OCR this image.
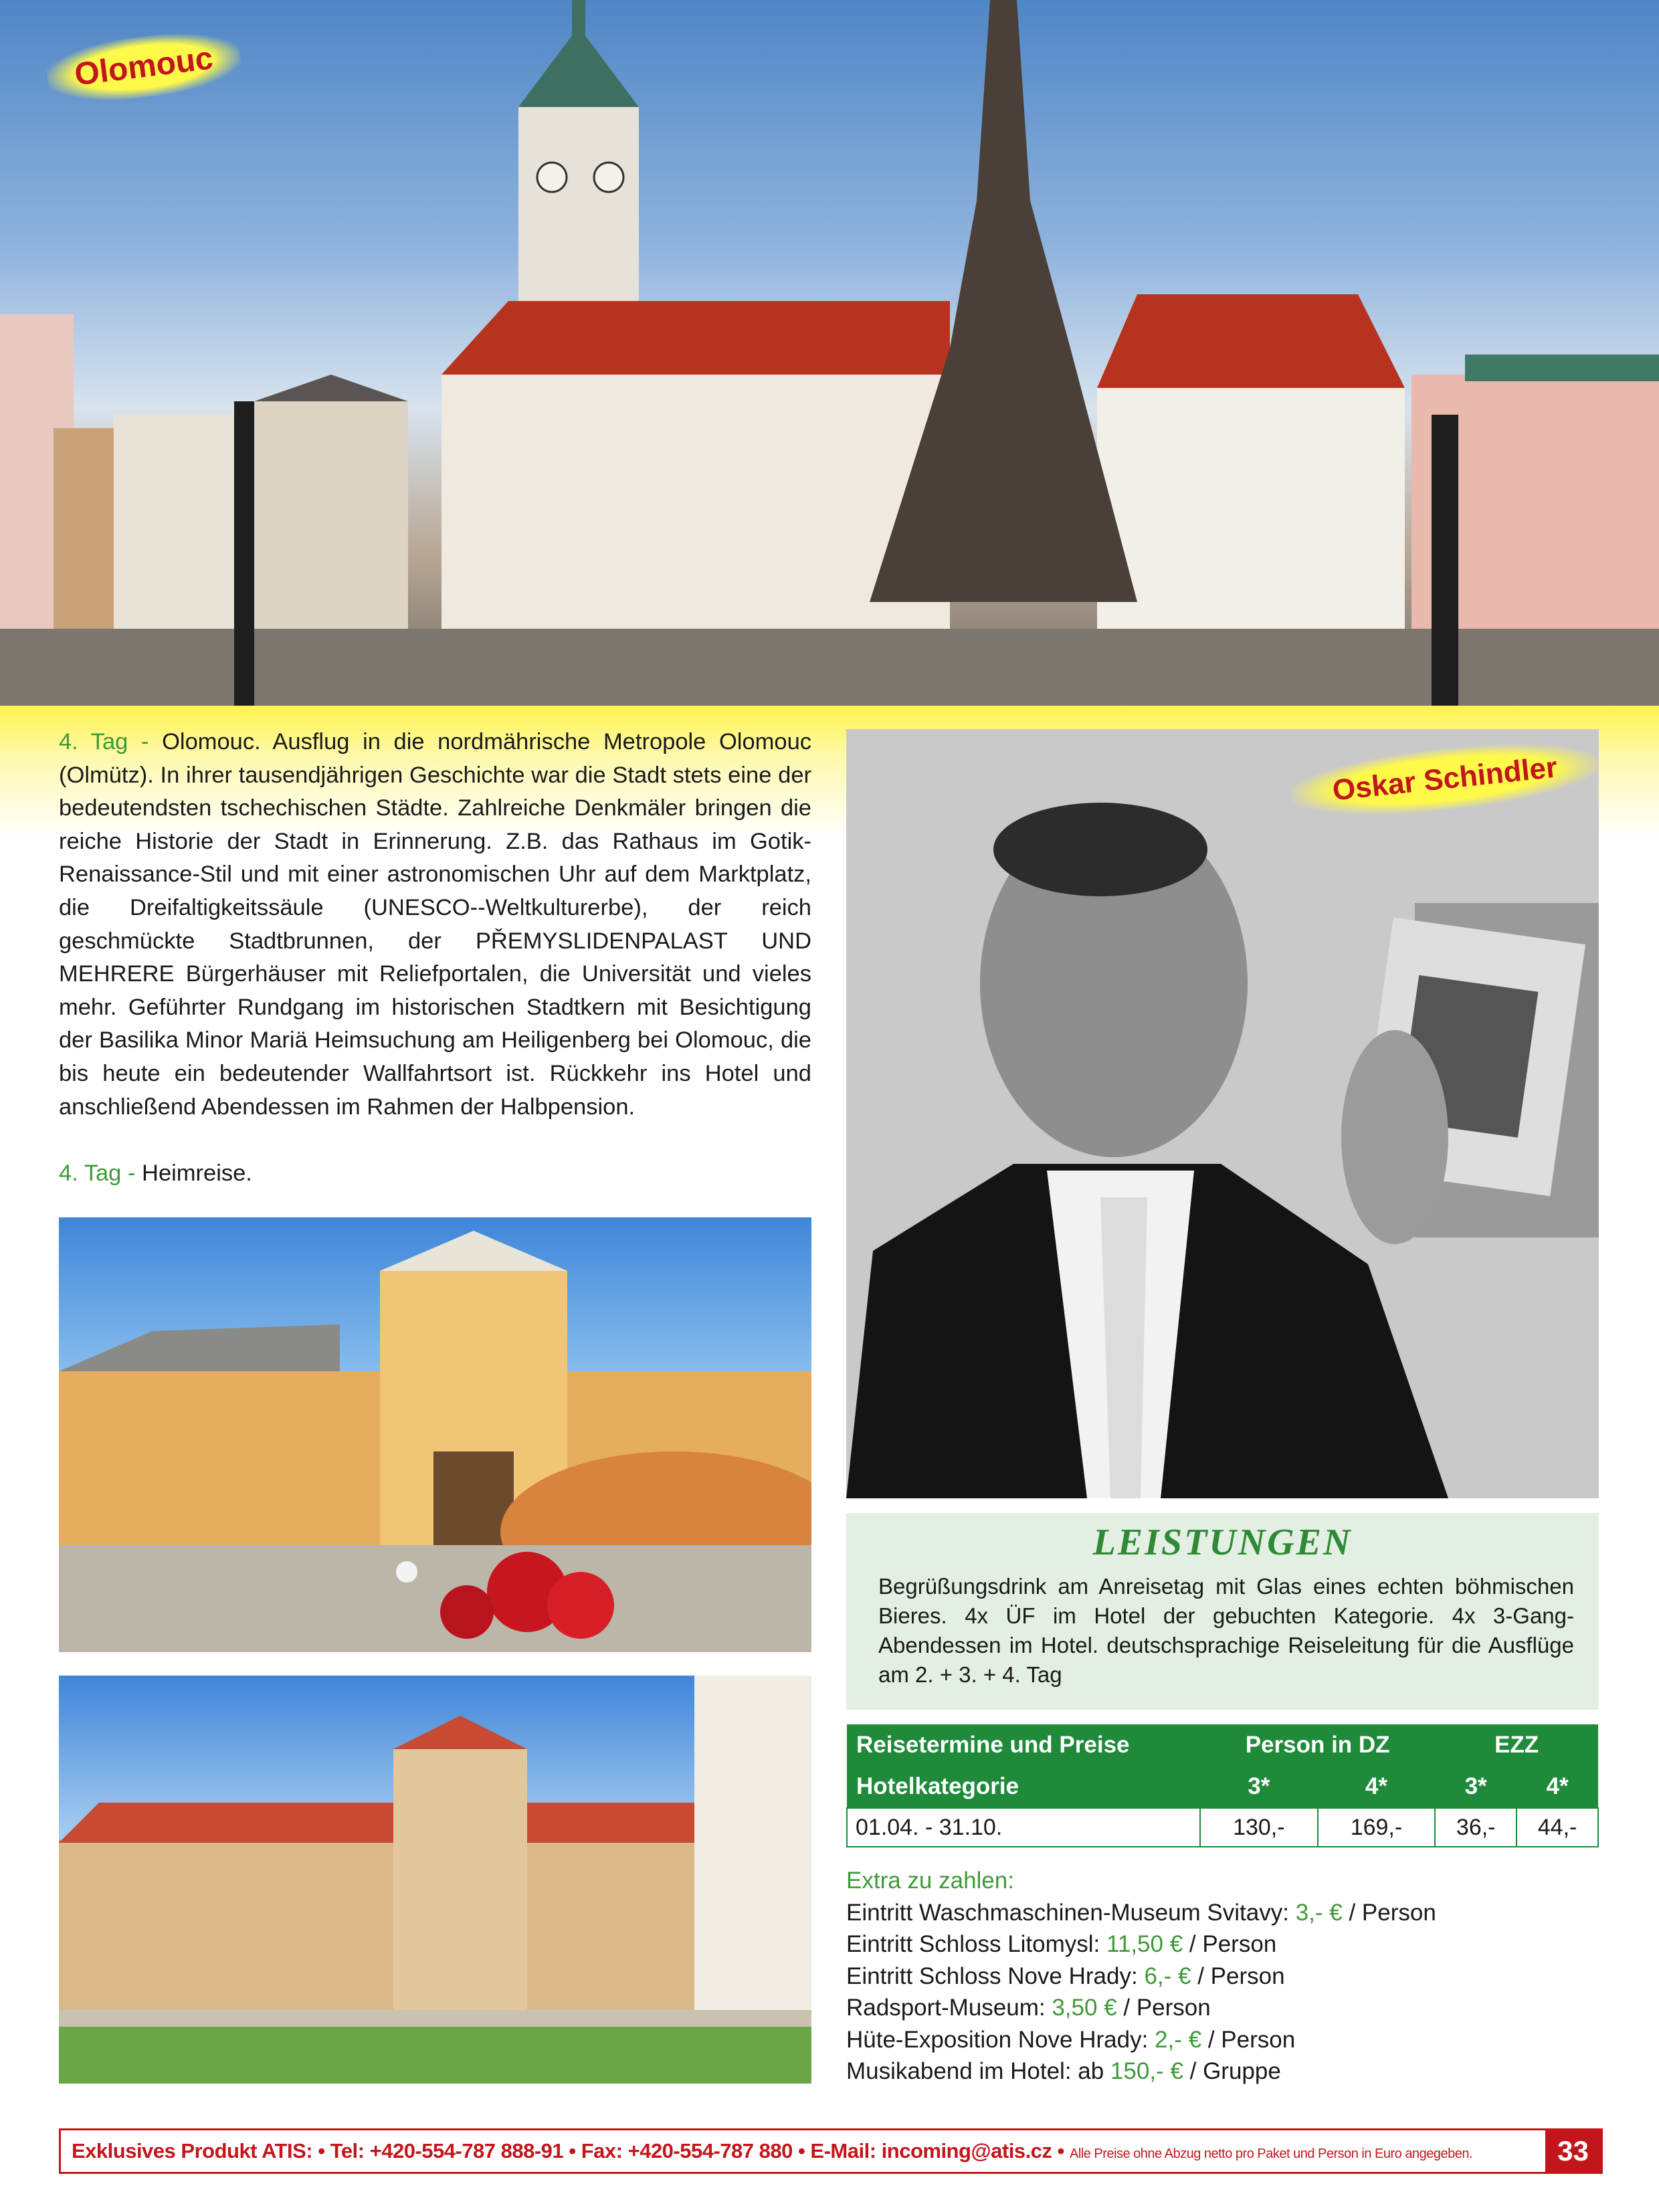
Olomouc

4. Tag - Olomouc. Ausflug in die nordmährische Metropole Olomouc (Olmütz). In ihrer tausendjährigen Geschichte war die Stadt stets eine der bedeutendsten tschechischen Städte. Zahlreiche Denkmäler bringen die reiche Historie der Stadt in Erinnerung. Z.B. das Rathaus im Gotik-Renaissance-Stil und mit einer astronomischen Uhr auf dem Marktplatz, die Dreifaltigkeitssäule (UNESCO--Weltkulturerbe), der reich geschmückte Stadtbrunnen, der PŘEMYSLIDENPALAST UND MEHRERE Bürgerhäuser mit Reliefportalen, die Universität und vieles mehr. Geführter Rundgang im historischen Stadtkern mit Besichtigung der Basilika Minor Mariä Heimsuchung am Heiligenberg bei Olomouc, die bis heute ein bedeutender Wallfahrtsort ist. Rückkehr ins Hotel und anschließend Abendessen im Rahmen der Halbpension.

4. Tag - Heimreise.

Oskar Schindler
LEISTUNGEN
Begrüßungsdrink am Anreisetag mit Glas eines echten böhmischen Bieres. 4x ÜF im Hotel der gebuchten Kategorie. 4x 3-Gang-Abendessen im Hotel. deutschsprachige Reiseleitung für die Ausflüge am 2. + 3. + 4. Tag
Reisetermine und Preise	Person in DZ		EZZ	
Hotelkategorie	3*	4*	3*	4*
01.04. - 31.10.	130,-	169,-	36,-	44,-
Extra zu zahlen:
Eintritt Waschmaschinen-Museum Svitavy: 3,- € / Person
Eintritt Schloss Litomysl: 11,50 € / Person
Eintritt Schloss Nove Hrady: 6,- € / Person
Radsport-Museum: 3,50 € / Person
Hüte-Exposition Nove Hrady: 2,- € / Person
Musikabend im Hotel: ab 150,- € / Gruppe
Exklusives Produkt ATIS: • Tel: +420-554-787 888-91 • Fax: +420-554-787 880 • E-Mail: incoming@atis.cz • Alle Preise ohne Abzug netto pro Paket und Person in Euro angegeben.	33
